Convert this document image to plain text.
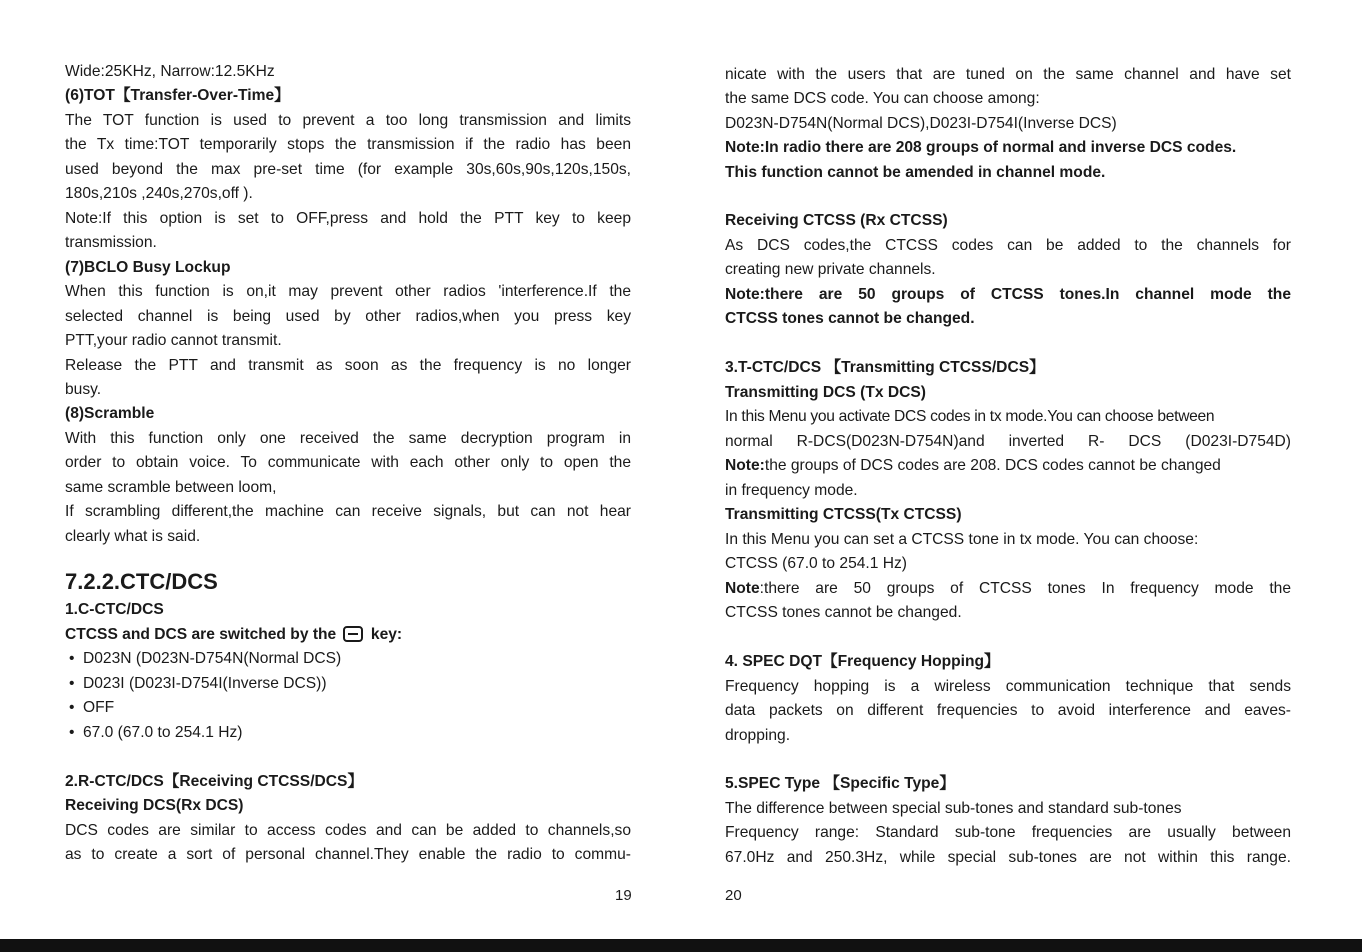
Wide:25KHz, Narrow:12.5KHz
(6)TOT【Transfer-Over-Time】
The TOT function is used to prevent a too long transmission and limits
the Tx time:TOT temporarily stops the transmission if the radio has been
used beyond the max pre-set time (for example 30s,60s,90s,120s,150s,
180s,210s ,240s,270s,off ).
Note:If this option is set to OFF,press and hold the PTT key to keep
transmission.
(7)BCLO Busy Lockup
When this function is on,it may prevent other radios 'interference.If the
selected channel is being used by other radios,when you press key
PTT,your radio cannot transmit.
Release the PTT and transmit as soon as the frequency is no longer
busy.
(8)Scramble
With this function only one received the same decryption program in
order to obtain voice. To communicate with each other only to open the
same scramble between loom,
If scrambling different,the machine can receive signals, but can not hear
clearly what is said.
7.2.2.CTC/DCS
1.C-CTC/DCS
CTCSS and DCS are switched by the key:
• D023N (D023N-D754N(Normal DCS)
• D023I (D023I-D754I(Inverse DCS))
• OFF
• 67.0 (67.0 to 254.1 Hz)
2.R-CTC/DCS【Receiving CTCSS/DCS】
Receiving DCS(Rx DCS)
DCS codes are similar to access codes and can be added to channels,so
as to create a sort of personal channel.They enable the radio to commu-
19
nicate with the users that are tuned on the same channel and have set
the same DCS code. You can choose among:
D023N-D754N(Normal DCS),D023I-D754I(Inverse DCS)
Note:In radio there are 208 groups of normal and inverse DCS codes.
This function cannot be amended in channel mode.
Receiving CTCSS (Rx CTCSS)
As DCS codes,the CTCSS codes can be added to the channels for
creating new private channels.
Note:there are 50 groups of CTCSS tones.In channel mode the
CTCSS tones cannot be changed.
3.T-CTC/DCS 【Transmitting CTCSS/DCS】
Transmitting DCS (Tx DCS)
In this Menu you activate DCS codes in tx mode.You can choose between
normal R-DCS(D023N-D754N)and inverted R- DCS (D023I-D754D)
Note:the groups of DCS codes are 208. DCS codes cannot be changed
in frequency mode.
Transmitting CTCSS(Tx CTCSS)
In this Menu you can set a CTCSS tone in tx mode. You can choose:
CTCSS (67.0 to 254.1 Hz)
Note:there are 50 groups of CTCSS tones In frequency mode the
CTCSS tones cannot be changed.
4. SPEC DQT【Frequency Hopping】
Frequency hopping is a wireless communication technique that sends
data packets on different frequencies to avoid interference and eaves-
dropping.
5.SPEC Type 【Specific Type】
The difference between special sub-tones and standard sub-tones
Frequency range: Standard sub-tone frequencies are usually between
67.0Hz and 250.3Hz, while special sub-tones are not within this range.
20
